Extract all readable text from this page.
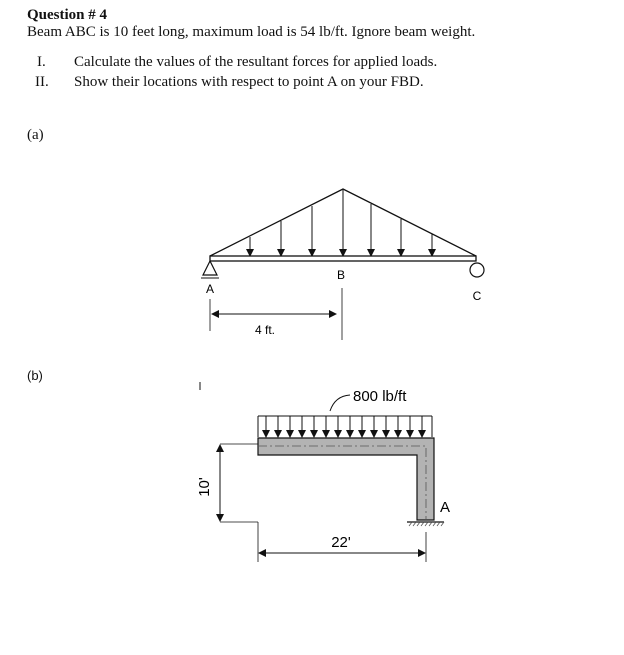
Question # 4
Beam ABC is 10 feet long, maximum load is 54 lb/ft. Ignore beam weight.
I. Calculate the values of the resultant forces for applied loads.
II. Show their locations with respect to point A on your FBD.
(a)
(b)
A
B
C
4 ft.
800 lb/ft
A
10'
22'
